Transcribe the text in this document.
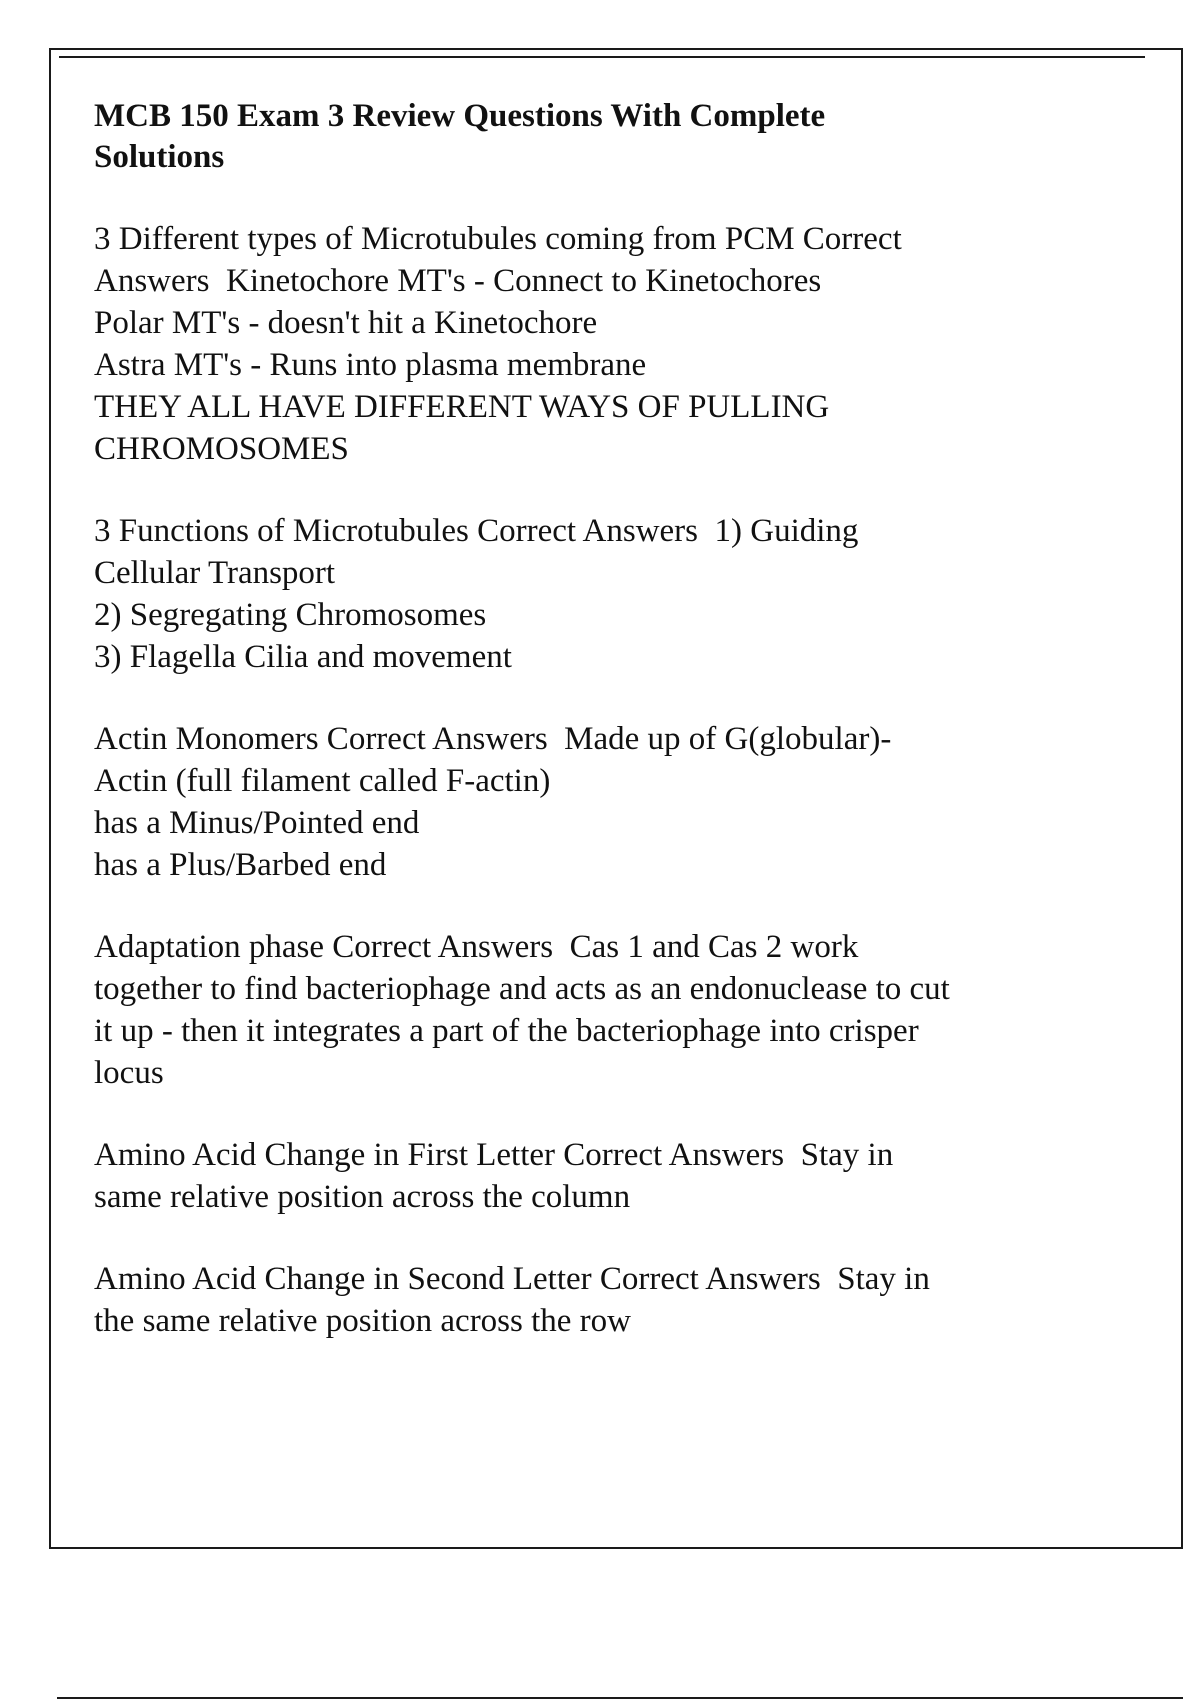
MCB 150 Exam 3 Review Questions With Complete
Solutions
3 Different types of Microtubules coming from PCM Correct
Answers  Kinetochore MT's - Connect to Kinetochores
Polar MT's - doesn't hit a Kinetochore
Astra MT's - Runs into plasma membrane
THEY ALL HAVE DIFFERENT WAYS OF PULLING
CHROMOSOMES
3 Functions of Microtubules Correct Answers  1) Guiding
Cellular Transport
2) Segregating Chromosomes
3) Flagella Cilia and movement
Actin Monomers Correct Answers  Made up of G(globular)-
Actin (full filament called F-actin)
has a Minus/Pointed end
has a Plus/Barbed end
Adaptation phase Correct Answers  Cas 1 and Cas 2 work
together to find bacteriophage and acts as an endonuclease to cut
it up - then it integrates a part of the bacteriophage into crisper
locus
Amino Acid Change in First Letter Correct Answers  Stay in
same relative position across the column
Amino Acid Change in Second Letter Correct Answers  Stay in
the same relative position across the row
